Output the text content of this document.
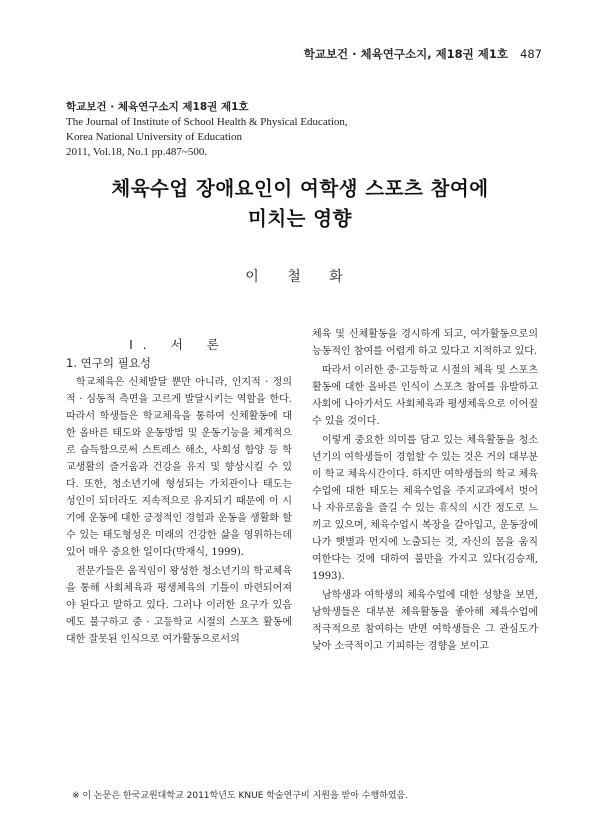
학교보건 · 체육연구소지, 제18권 제1호 487
학교보건 · 체육연구소지 제18권 제1호
The Journal of Institute of School Health & Physical Education,
Korea National University of Education
2011, Vol.18, No.1 pp.487~500.
체육수업 장애요인이 여학생 스포츠 참여에
미치는 영향
이 철 화

Ⅰ. 서 론

1. 연구의 필요성

학교체육은 신체발달 뿐만 아니라, 인지적 · 정의적 · 심동적 측면을 고르게 발달시키는 역할을 한다. 따라서 학생들은 학교체육을 통하여 신체활동에 대한 올바른 태도와 운동방법 및 운동기능을 체계적으로 습득함으로써 스트레스 해소, 사회성 함양 등 학교생활의 즐거움과 건강을 유지 및 향상시킬 수 있다. 또한, 청소년기에 형성되는 가치관이나 태도는 성인이 되더라도 지속적으로 유지되기 때문에 이 시기에 운동에 대한 긍정적인 경험과 운동을 생활화 할 수 있는 태도형성은 미래의 건강한 삶을 영위하는데 있어 매우 중요한 일이다(박재식, 1999).

전문가들은 움직임이 왕성한 청소년기의 학교체육을 통해 사회체육과 평생체육의 기틀이 마련되어져야 된다고 말하고 있다. 그러나 이러한 요구가 있음에도 불구하고 중 · 고등학교 시절의 스포츠 활동에 대한 잘못된 인식으로 여가활동으로서의

체육 및 신체활동을 경시하게 되고, 여가활동으로의 능동적인 참여를 어렵게 하고 있다고 지적하고 있다.

따라서 이러한 중·고등학교 시절의 체육 및 스포츠 활동에 대한 올바른 인식이 스포츠 참여를 유발하고 사회에 나아가서도 사회체육과 평생체육으로 이어질 수 있을 것이다.

이렇게 중요한 의미를 담고 있는 체육활동을 청소년기의 여학생들이 경험할 수 있는 것은 거의 대부분이 학교 체육시간이다. 하지만 여학생들의 학교 체육수업에 대한 태도는 체육수업을 주지교과에서 벗어나 자유로움을 즐길 수 있는 휴식의 시간 정도로 느끼고 있으며, 체육수업시 복장을 갈아입고, 운동장에 나가 햇볕과 먼지에 노출되는 것, 자신의 몸을 움직여한다는 것에 대하여 불만을 가지고 있다(김승재, 1993).

남학생과 여학생의 체육수업에 대한 성향을 보면, 남학생들은 대부분 체육활동을 좋아해 체육수업에 적극적으로 참여하는 반면 여학생들은 그 관심도가 낮아 소극적이고 기피하는 경향을 보이고

※ 이 논문은 한국교원대학교 2011학년도 KNUE 학술연구비 지원을 받아 수행하였음.
